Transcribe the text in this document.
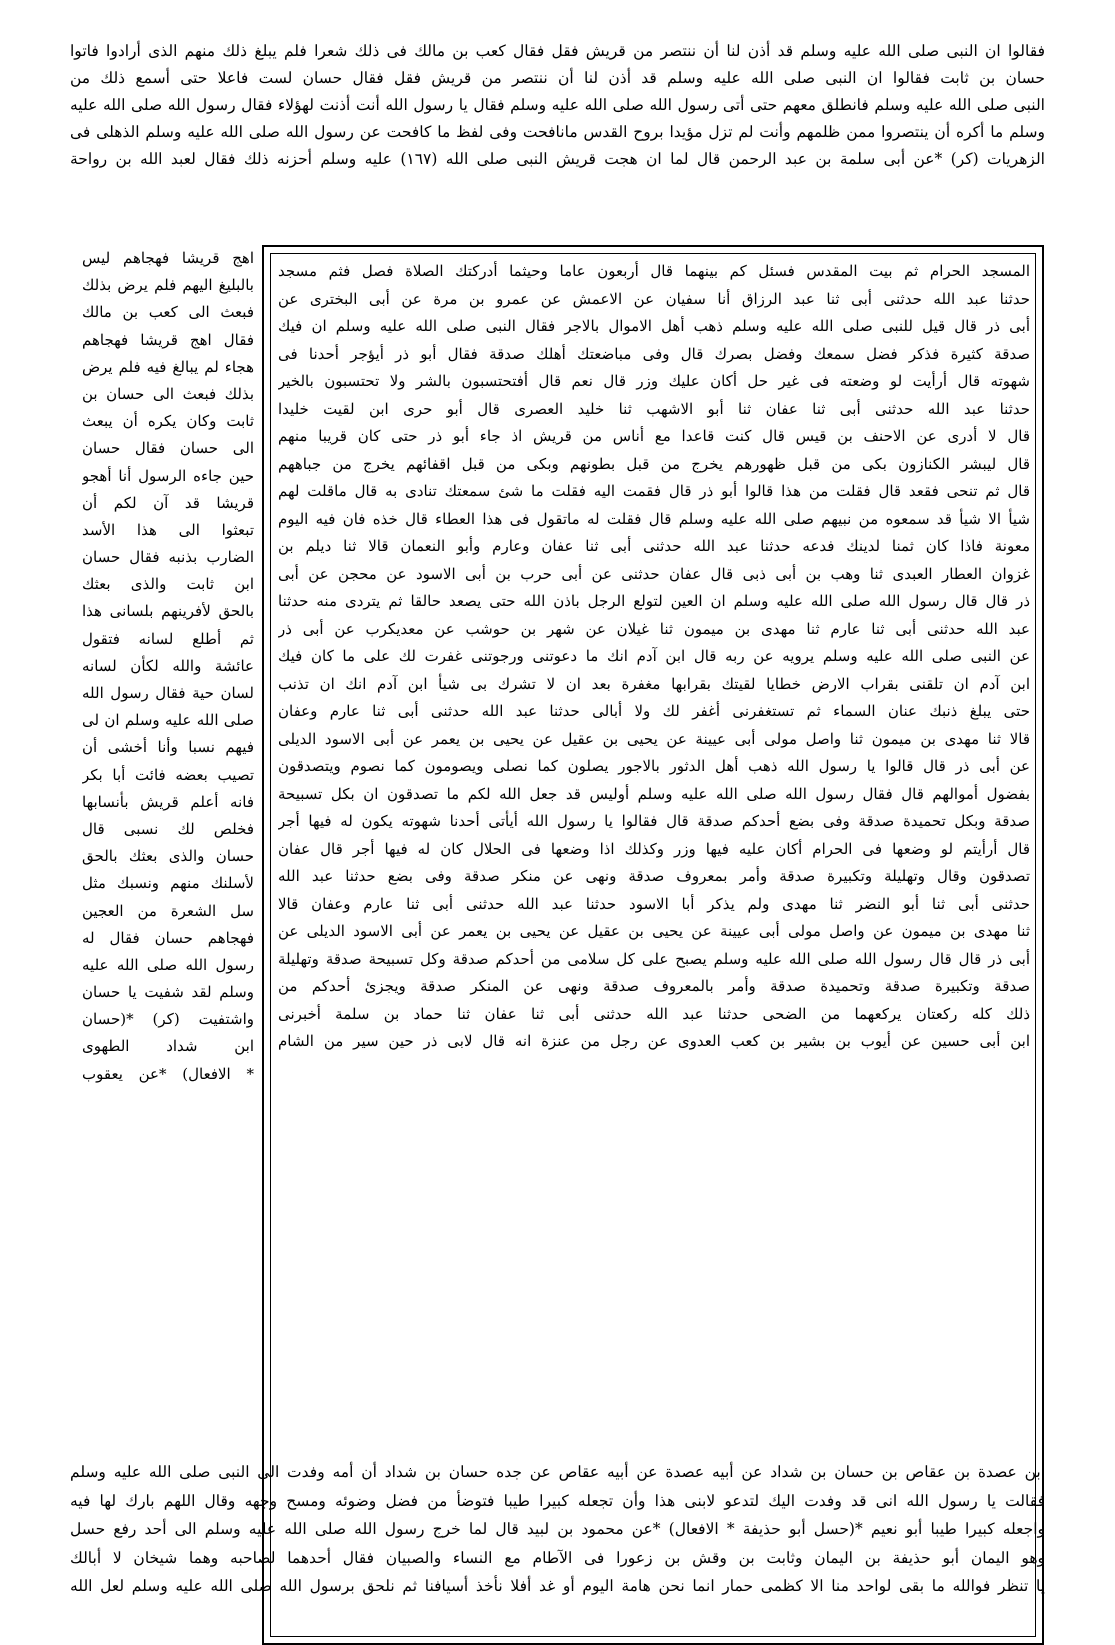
فقالوا ان النبى صلى الله عليه وسلم قد أذن لنا أن ننتصر من قريش فقل فقال كعب بن مالك فى ذلك شعرا فلم يبلغ ذلك منهم الذى أرادوا فاتوا
حسان بن ثابت فقالوا ان النبى صلى الله عليه وسلم قد أذن لنا أن ننتصر من قريش فقل فقال حسان لست فاعلا حتى أسمع ذلك من
النبى صلى الله عليه وسلم فانطلق معهم حتى أتى رسول الله صلى الله عليه وسلم فقال يا رسول الله أنت أذنت لهؤلاء فقال رسول الله صلى الله عليه
وسلم ما أكره أن ينتصروا ممن ظلمهم وأنت لم تزل مؤيدا بروح القدس مانافحت وفى لفظ ما كافحت عن رسول الله صلى الله عليه وسلم الذهلى فى
الزهريات (كر) *عن أبى سلمة بن عبد الرحمن قال لما ان هجت قريش النبى صلى الله (١٦٧) عليه وسلم أحزنه ذلك فقال لعبد الله بن رواحة
المسجد الحرام ثم بيت المقدس فسئل كم بينهما قال أربعون عاما وحيثما أدركتك الصلاة فصل فثم مسجد
حدثنا عبد الله حدثنى أبى ثنا عبد الرزاق أنا سفيان عن الاعمش عن عمرو بن مرة عن أبى البخترى عن
أبى ذر قال قيل للنبى صلى الله عليه وسلم ذهب أهل الاموال بالاجر فقال النبى صلى الله عليه وسلم ان فيك
صدقة كثيرة فذكر فضل سمعك وفضل بصرك قال وفى مباضعتك أهلك صدقة فقال أبو ذر أيؤجر أحدنا فى
شهوته قال أرأيت لو وضعته فى غير حل أكان عليك وزر قال نعم قال أفتحتسبون بالشر ولا تحتسبون بالخير
حدثنا عبد الله حدثنى أبى ثنا عفان ثنا أبو الاشهب ثنا خليد العصرى قال أبو حرى ابن لقيت خليدا
قال لا أدرى عن الاحنف بن قيس قال كنت قاعدا مع أناس من قريش اذ جاء أبو ذر حتى كان قريبا منهم
قال ليبشر الكنازون بكى من قبل ظهورهم يخرج من قبل بطونهم وبكى من قبل اقفائهم يخرج من جباههم
قال ثم تنحى فقعد قال فقلت من هذا قالوا أبو ذر قال فقمت اليه فقلت ما شئ سمعتك تنادى به قال ماقلت لهم
شيأ الا شيأ قد سمعوه من نبيهم صلى الله عليه وسلم قال فقلت له ماتقول فى هذا العطاء قال خذه فان فيه اليوم
معونة فاذا كان ثمنا لدينك فدعه حدثنا عبد الله حدثنى أبى ثنا عفان وعارم وأبو النعمان قالا ثنا ديلم بن
غزوان العطار العبدى ثنا وهب بن أبى ذبى قال عفان حدثنى عن أبى حرب بن أبى الاسود عن محجن عن أبى
ذر قال قال رسول الله صلى الله عليه وسلم ان العين لتولع الرجل باذن الله حتى يصعد حالقا ثم يتردى منه حدثنا
عبد الله حدثنى أبى ثنا عارم ثنا مهدى بن ميمون ثنا غيلان عن شهر بن حوشب عن معديكرب عن أبى ذر
عن النبى صلى الله عليه وسلم يرويه عن ربه قال ابن آدم انك ما دعوتنى ورجوتنى غفرت لك على ما كان فيك
ابن آدم ان تلقنى بقراب الارض خطايا لقيتك بقرابها مغفرة بعد ان لا تشرك بى شيأ ابن آدم انك ان تذنب
حتى يبلغ ذنبك عنان السماء ثم تستغفرنى أغفر لك ولا أبالى حدثنا عبد الله حدثنى أبى ثنا عارم وعفان
قالا ثنا مهدى بن ميمون ثنا واصل مولى أبى عيينة عن يحيى بن عقيل عن يحيى بن يعمر عن أبى الاسود الديلى
عن أبى ذر قال قالوا يا رسول الله ذهب أهل الدثور بالاجور يصلون كما نصلى ويصومون كما نصوم ويتصدقون
بفضول أموالهم قال فقال رسول الله صلى الله عليه وسلم أوليس قد جعل الله لكم ما تصدقون ان بكل تسبيحة
صدقة وبكل تحميدة صدقة وفى بضع أحدكم صدقة قال فقالوا يا رسول الله أيأتى أحدنا شهوته يكون له فيها أجر
قال أرأيتم لو وضعها فى الحرام أكان عليه فيها وزر وكذلك اذا وضعها فى الحلال كان له فيها أجر قال عفان
تصدقون وقال وتهليلة وتكبيرة صدقة وأمر بمعروف صدقة ونهى عن منكر صدقة وفى بضع حدثنا عبد الله
حدثنى أبى ثنا أبو النضر ثنا مهدى ولم يذكر أبا الاسود حدثنا عبد الله حدثنى أبى ثنا عارم وعفان قالا
ثنا مهدى بن ميمون عن واصل مولى أبى عيينة عن يحيى بن عقيل عن يحيى بن يعمر عن أبى الاسود الديلى عن
أبى ذر قال قال رسول الله صلى الله عليه وسلم يصبح على كل سلامى من أحدكم صدقة وكل تسبيحة صدقة وتهليلة
صدقة وتكبيرة صدقة وتحميدة صدقة وأمر بالمعروف صدقة ونهى عن المنكر صدقة ويجزئ أحدكم من
ذلك كله ركعتان يركعهما من الضحى حدثنا عبد الله حدثنى أبى ثنا عفان ثنا حماد بن سلمة أخبرنى
ابن أبى حسين عن أيوب بن بشير بن كعب العدوى عن رجل من عنزة انه قال لابى ذر حين سير من الشام
اهج قريشا فهجاهم ليس
بالبليغ اليهم فلم يرض بذلك
فبعث الى كعب بن مالك
فقال اهج قريشا فهجاهم
هجاء لم يبالغ فيه فلم يرض
بذلك فبعث الى حسان بن
ثابت وكان يكره أن يبعث
الى حسان فقال حسان
حين جاءه الرسول أنا أهجو
قريشا قد آن لكم أن
تبعثوا الى هذا الأسد
الضارب بذنبه فقال حسان
ابن ثابت والذى بعثك
بالحق لأفرينهم بلسانى هذا
ثم أطلع لسانه فتقول
عائشة والله لكأن لسانه
لسان حية فقال رسول الله
صلى الله عليه وسلم ان لى
فيهم نسبا وأنا أخشى أن
تصيب بعضه فائت أبا بكر
فانه أعلم قريش بأنسابها
فخلص لك نسبى قال
حسان والذى بعثك بالحق
لأسلنك منهم ونسبك مثل
سل الشعرة من العجين
فهجاهم حسان فقال له
رسول الله صلى الله عليه
وسلم لقد شفيت يا حسان
واشتفيت (كر) *(حسان
ابن شداد الطهوى
* الافعال) *عن يعقوب
ابن عصدة بن عقاص بن حسان بن شداد عن أبيه عصدة عن أبيه عقاص عن جده حسان بن شداد أن أمه وفدت الى النبى صلى الله عليه وسلم
فقالت يا رسول الله انى قد وفدت اليك لتدعو لابنى هذا وأن تجعله كبيرا طيبا فتوضأ من فضل وضوئه ومسح وجهه وقال اللهم بارك لها فيه
واجعله كبيرا طيبا أبو نعيم *(حسل أبو حذيفة * الافعال) *عن محمود بن لبيد قال لما خرج رسول الله صلى الله عليه وسلم الى أحد رفع حسل
وهو اليمان أبو حذيفة بن اليمان وثابت بن وقش بن زعورا فى الآطام مع النساء والصبيان فقال أحدهما لصاحبه وهما شيخان لا أبالك
يا تنظر فوالله ما بقى لواحد منا الا كظمى حمار انما نحن هامة اليوم أو غد أفلا نأخذ أسيافنا ثم نلحق برسول الله صلى الله عليه وسلم لعل الله
